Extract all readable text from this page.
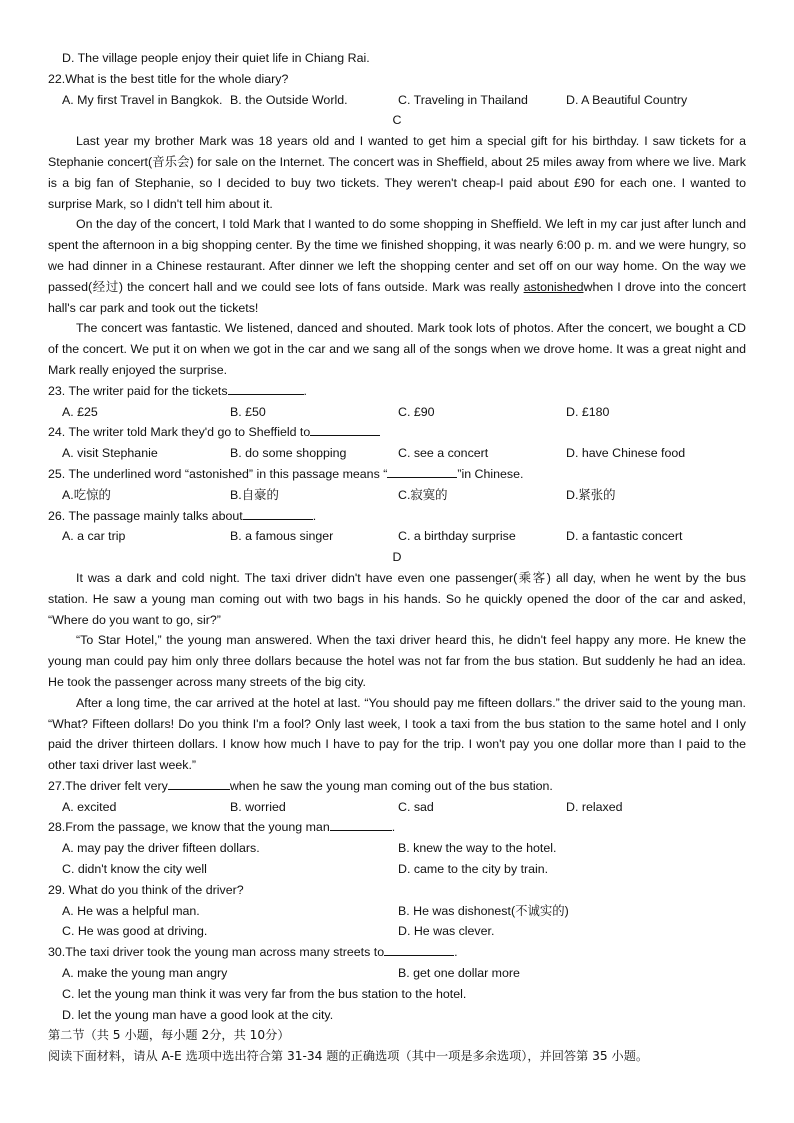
D. The village people enjoy their quiet life in Chiang Rai.
22.What is the best title for the whole diary?
A. My first Travel in Bangkok. B. the Outside World.	C. Traveling in Thailand	D. A Beautiful Country
C
Last year my brother Mark was 18 years old and I wanted to get him a special gift for his birthday. I saw tickets for a Stephanie concert(音乐会) for sale on the Internet. The concert was in Sheffield, about 25 miles away from where we live. Mark is a big fan of Stephanie, so I decided to buy two tickets. They weren't cheap-I paid about £90 for each one. I wanted to surprise Mark, so I didn't tell him about it.
On the day of the concert, I told Mark that I wanted to do some shopping in Sheffield. We left in my car just after lunch and spent the afternoon in a big shopping center. By the time we finished shopping, it was nearly 6:00 p. m. and we were hungry, so we had dinner in a Chinese restaurant. After dinner we left the shopping center and set off on our way home. On the way we passed(经过) the concert hall and we could see lots of fans outside. Mark was really astonishedwhen I drove into the concert hall's car park and took out the tickets!
The concert was fantastic. We listened, danced and shouted. Mark took lots of photos. After the concert, we bought a CD of the concert. We put it on when we got in the car and we sang all of the songs when we drove home. It was a great night and Mark really enjoyed the surprise.
23. The writer paid for the tickets	.
A. £25	B. £50	C. £90	D. £180
24. The writer told Mark they'd go to Sheffield to
A. visit Stephanie	B. do some shopping	C. see a concert	D. have Chinese food
25. The underlined word “astonished” in this passage means “	”in Chinese.
A.吃惊的	B.自豪的	C.寂寞的	D.紧张的
26. The passage mainly talks about	.
A. a car trip	B. a famous singer	C. a birthday surprise	D. a fantastic concert
D
It was a dark and cold night. The taxi driver didn't have even one passenger(乘客) all day, when he went by the bus station. He saw a young man coming out with two bags in his hands. So he quickly opened the door of the car and asked, “Where do you want to go, sir?”
“To Star Hotel,” the young man answered. When the taxi driver heard this, he didn't feel happy any more. He knew the young man could pay him only three dollars because the hotel was not far from the bus station. But suddenly he had an idea. He took the passenger across many streets of the big city.
After a long time, the car arrived at the hotel at last. “You should pay me fifteen dollars.” the driver said to the young man. “What? Fifteen dollars! Do you think I'm a fool? Only last week, I took a taxi from the bus station to the same hotel and I only paid the driver thirteen dollars. I know how much I have to pay for the trip. I won't pay you one dollar more than I paid to the other taxi driver last week.”
27.The driver felt very	when he saw the young man coming out of the bus station.
A. excited	B. worried	C. sad	D. relaxed
28.From the passage, we know that the young man	.
A. may pay the driver fifteen dollars.	B. knew the way to the hotel.
C. didn't know the city well	D. came to the city by train.
29. What do you think of the driver?
A. He was a helpful man.	B. He was dishonest(不诚实的)
C. He was good at driving.	D. He was clever.
30.The taxi driver took the young man across many streets to	.
A. make the young man angry	B. get one dollar more
C. let the young man think it was very far from the bus station to the hotel.
D. let the young man have a good look at the city.
第二节（共 5 小题，每小题 2分，共 10分）
阅读下面材料，请从 A-E 选项中选出符合第 31-34 题的正确选项（其中一项是多余选项），并回答第 35 小题。
